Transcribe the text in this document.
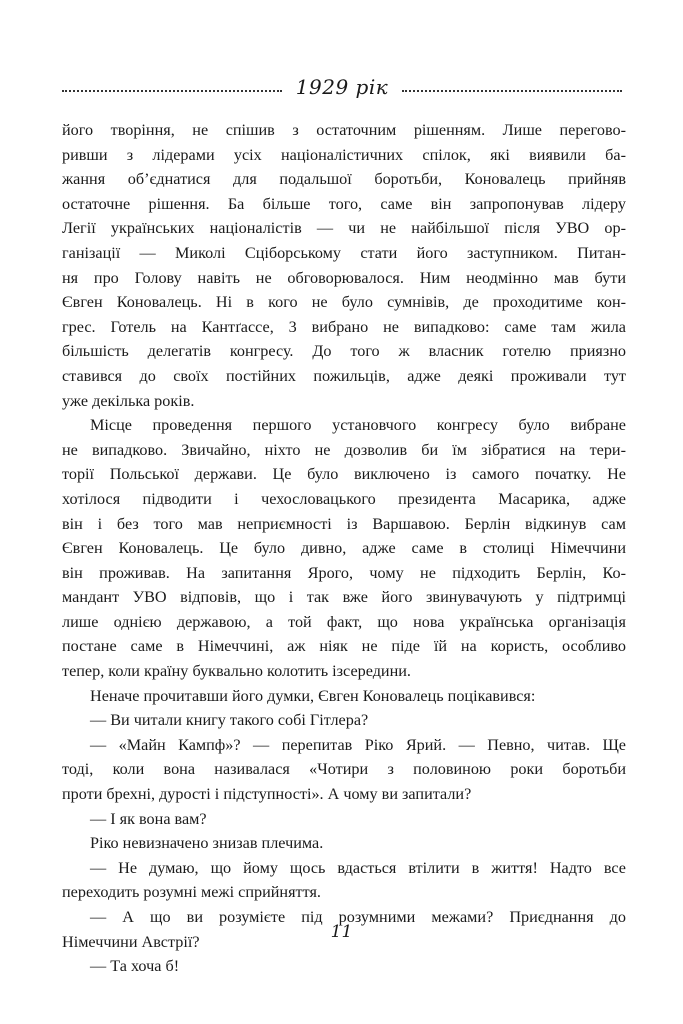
1929 рік
його творіння, не спішив з остаточним рішенням. Лише перегово-
ривши з лідерами усіх націоналістичних спілок, які виявили ба-
жання об’єднатися для подальшої боротьби, Коновалець прийняв
остаточне рішення. Ба більше того, саме він запропонував лідеру
Легії українських націоналістів — чи не найбільшої після УВО ор-
ганізації — Миколі Сціборському стати його заступником. Питан-
ня про Голову навіть не обговорювалося. Ним неодмінно мав бути
Євген Коновалець. Ні в кого не було сумнівів, де проходитиме кон-
грес. Готель на Кантґассе, 3 вибрано не випадково: саме там жила
більшість делегатів конгресу. До того ж власник готелю приязно
ставився до своїх постійних пожильців, адже деякі проживали тут
уже декілька років.
Місце проведення першого установчого конгресу було вибране
не випадково. Звичайно, ніхто не дозволив би їм зібратися на тери-
торії Польської держави. Це було виключено із самого початку. Не
хотілося підводити і чехословацького президента Масарика, адже
він і без того мав неприємності із Варшавою. Берлін відкинув сам
Євген Коновалець. Це було дивно, адже саме в столиці Німеччини
він проживав. На запитання Ярого, чому не підходить Берлін, Ко-
мандант УВО відповів, що і так вже його звинувачують у підтримці
лише однією державою, а той факт, що нова українська організація
постане саме в Німеччині, аж ніяк не піде їй на користь, особливо
тепер, коли країну буквально колотить ізсередини.
Неначе прочитавши його думки, Євген Коновалець поцікавився:
— Ви читали книгу такого собі Гітлера?
— «Майн Кампф»? — перепитав Ріко Ярий. — Певно, читав. Ще
тоді, коли вона називалася «Чотири з половиною роки боротьби
проти брехні, дурості і підступності». А чому ви запитали?
— І як вона вам?
Ріко невизначено знизав плечима.
— Не думаю, що йому щось вдасться втілити в життя! Надто все
переходить розумні межі сприйняття.
— А що ви розумієте під розумними межами? Приєднання до
Німеччини Австрії?
— Та хоча б!
11
